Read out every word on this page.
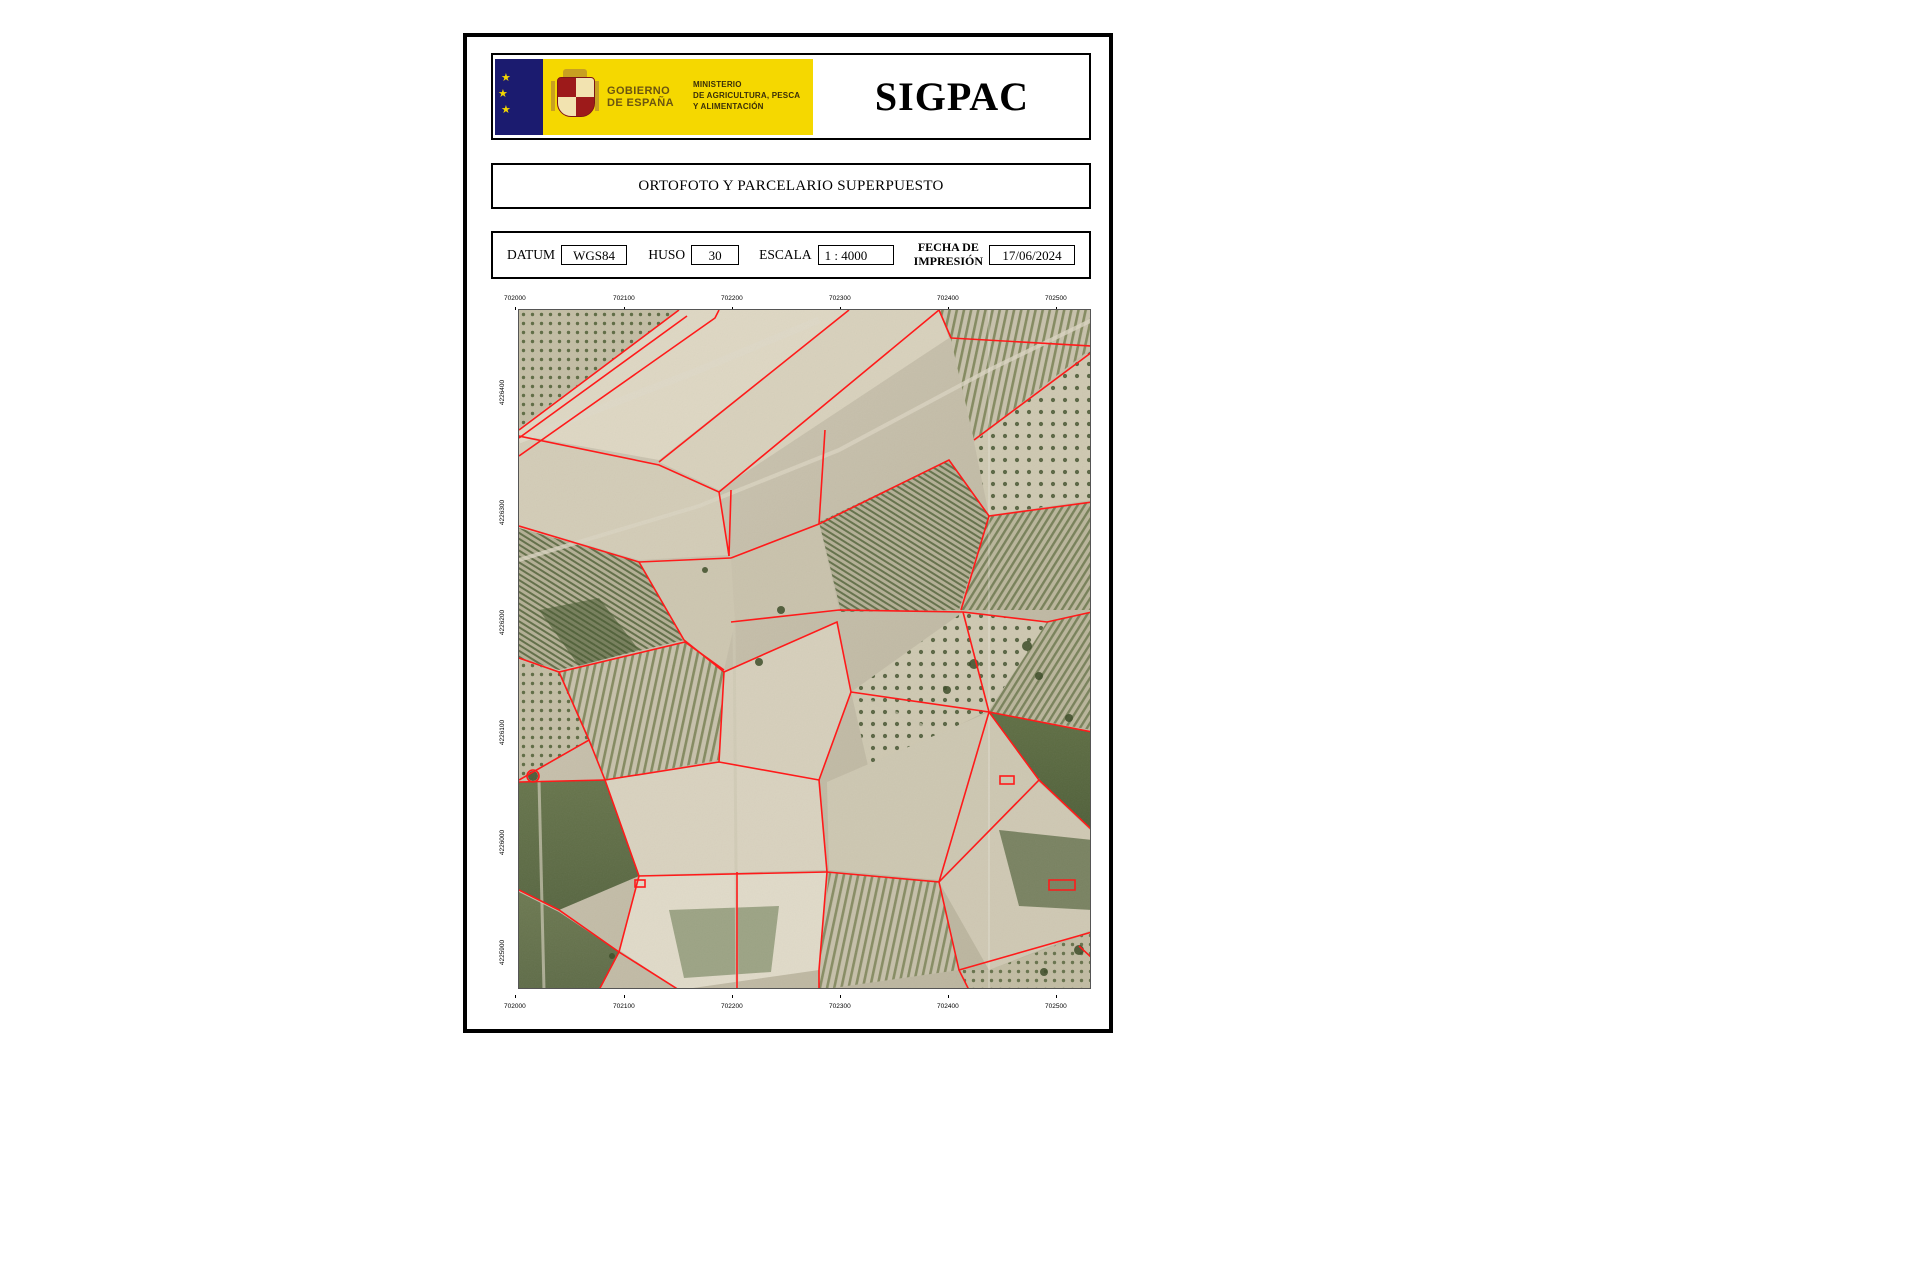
★
★
★
GOBIERNO
DE ESPAÑA
MINISTERIO
DE AGRICULTURA, PESCA
Y ALIMENTACIÓN	SIGPAC
ORTOFOTO Y PARCELARIO SUPERPUESTO
DATUM	WGS84	HUSO	30	ESCALA	1 : 4000
FECHA DE
IMPRESIÓN	17/06/2024
702000	702100	702200	702300	702400	702500
4226400
4226300
4226200
4226100
4226000
4225900
702000	702100	702200	702300	702400	702500
